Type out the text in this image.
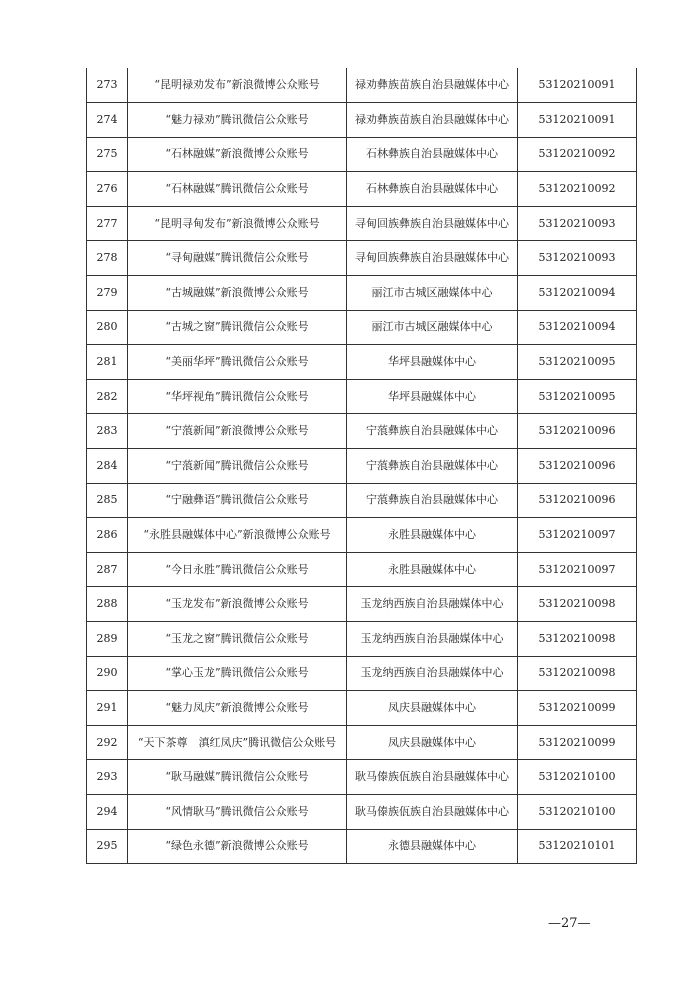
273	“昆明禄劝发布”新浪微博公众账号	禄劝彝族苗族自治县融媒体中心	53120210091
274	“魅力禄劝”腾讯微信公众账号	禄劝彝族苗族自治县融媒体中心	53120210091
275	“石林融媒”新浪微博公众账号	石林彝族自治县融媒体中心	53120210092
276	“石林融媒”腾讯微信公众账号	石林彝族自治县融媒体中心	53120210092
277	“昆明寻甸发布”新浪微博公众账号	寻甸回族彝族自治县融媒体中心	53120210093
278	“寻甸融媒”腾讯微信公众账号	寻甸回族彝族自治县融媒体中心	53120210093
279	“古城融媒”新浪微博公众账号	丽江市古城区融媒体中心	53120210094
280	“古城之窗”腾讯微信公众账号	丽江市古城区融媒体中心	53120210094
281	“美丽华坪”腾讯微信公众账号	华坪县融媒体中心	53120210095
282	“华坪视角”腾讯微信公众账号	华坪县融媒体中心	53120210095
283	“宁蒗新闻”新浪微博公众账号	宁蒗彝族自治县融媒体中心	53120210096
284	“宁蒗新闻”腾讯微信公众账号	宁蒗彝族自治县融媒体中心	53120210096
285	“宁融彝语”腾讯微信公众账号	宁蒗彝族自治县融媒体中心	53120210096
286	“永胜县融媒体中心”新浪微博公众账号	永胜县融媒体中心	53120210097
287	“今日永胜”腾讯微信公众账号	永胜县融媒体中心	53120210097
288	“玉龙发布”新浪微博公众账号	玉龙纳西族自治县融媒体中心	53120210098
289	“玉龙之窗”腾讯微信公众账号	玉龙纳西族自治县融媒体中心	53120210098
290	“掌心玉龙”腾讯微信公众账号	玉龙纳西族自治县融媒体中心	53120210098
291	“魅力凤庆”新浪微博公众账号	凤庆县融媒体中心	53120210099
292	“天下茶尊　滇红凤庆”腾讯微信公众账号	凤庆县融媒体中心	53120210099
293	“耿马融媒”腾讯微信公众账号	耿马傣族佤族自治县融媒体中心	53120210100
294	“风情耿马”腾讯微信公众账号	耿马傣族佤族自治县融媒体中心	53120210100
295	“绿色永德”新浪微博公众账号	永德县融媒体中心	53120210101
—27—
